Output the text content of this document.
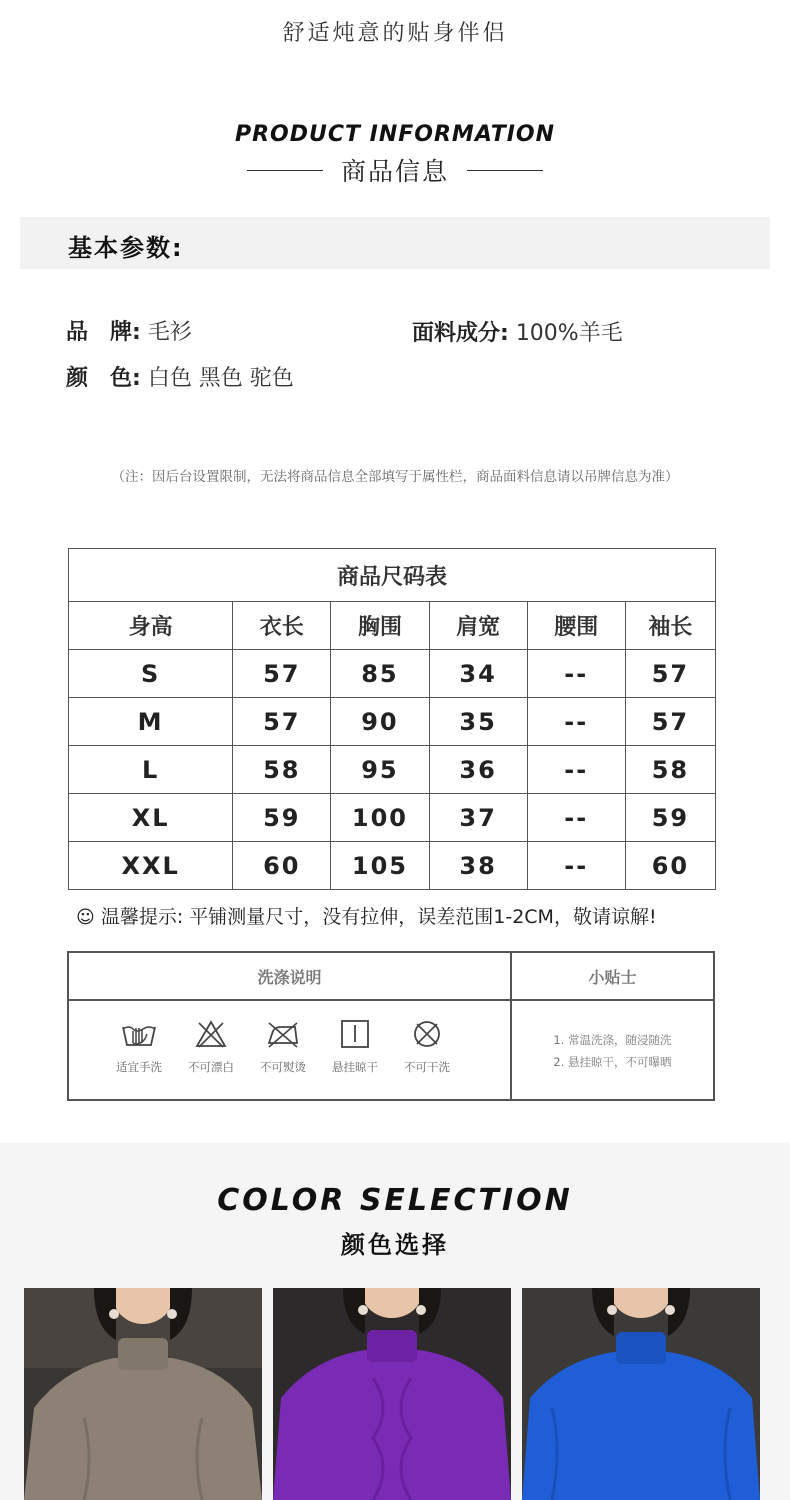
舒适炖意的贴身伴侣
PRODUCT INFORMATION
商品信息
基本参数:
品　牌: 毛衫	面料成分: 100%羊毛
颜　色: 白色 黑色 驼色
（注：因后台设置限制，无法将商品信息全部填写于属性栏，商品面料信息请以吊牌信息为准）
商品尺码表					
身高	衣长	胸围	肩宽	腰围	袖长
S	57	85	34	--	57
M	57	90	35	--	57
L	58	95	36	--	58
XL	59	100	37	--	59
XXL	60	105	38	--	60
☺ 温馨提示: 平铺测量尺寸，没有拉伸，误差范围1-2CM，敬请谅解!
洗涤说明
适宜手洗	不可漂白	不可熨烫	悬挂晾干	不可干洗
小贴士
1. 常温洗涤，随浸随洗
2. 悬挂晾干，不可曝晒
COLOR SELECTION
颜色选择
